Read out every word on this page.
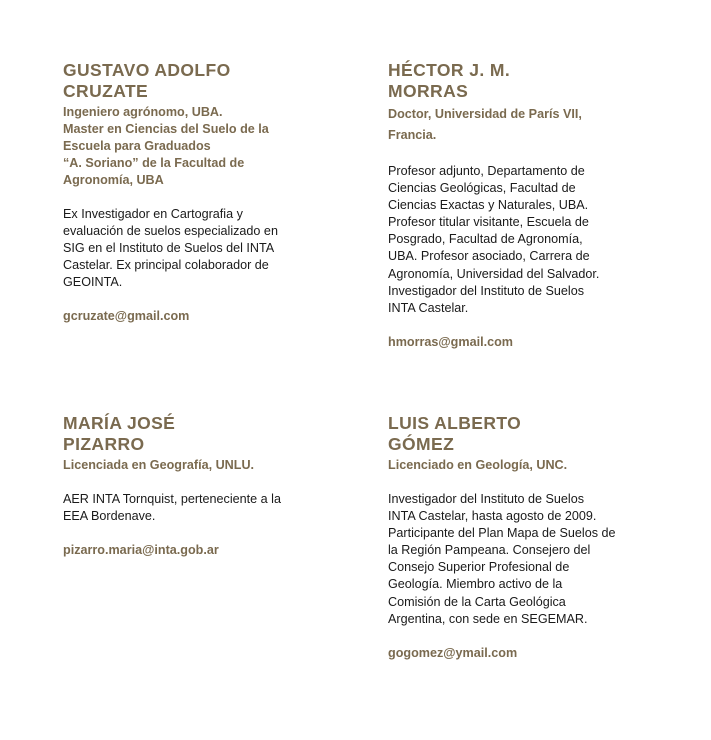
GUSTAVO ADOLFO
CRUZATE
Ingeniero agrónomo, UBA.
Master en Ciencias del Suelo de la
Escuela para Graduados
“A. Soriano” de la Facultad de
Agronomía, UBA
Ex Investigador en Cartografia y
evaluación de suelos especializado en
SIG en el Instituto de Suelos del INTA
Castelar. Ex principal colaborador de
GEOINTA.
gcruzate@gmail.com
HÉCTOR J. M.
MORRAS
Doctor, Universidad de París VII,
Francia.
Profesor adjunto, Departamento de
Ciencias Geológicas, Facultad de
Ciencias Exactas y Naturales, UBA.
Profesor titular visitante, Escuela de
Posgrado, Facultad de Agronomía,
UBA. Profesor asociado, Carrera de
Agronomía, Universidad del Salvador.
Investigador del Instituto de Suelos
INTA Castelar.
hmorras@gmail.com
MARÍA JOSÉ
PIZARRO
Licenciada en Geografía, UNLU.
AER INTA Tornquist, perteneciente a la
EEA Bordenave.
pizarro.maria@inta.gob.ar
LUIS ALBERTO
GÓMEZ
Licenciado en Geología, UNC.
Investigador del Instituto de Suelos
INTA Castelar, hasta agosto de 2009.
Participante del Plan Mapa de Suelos de
la Región Pampeana. Consejero del
Consejo Superior Profesional de
Geología. Miembro activo de la
Comisión de la Carta Geológica
Argentina, con sede en SEGEMAR.
gogomez@ymail.com
